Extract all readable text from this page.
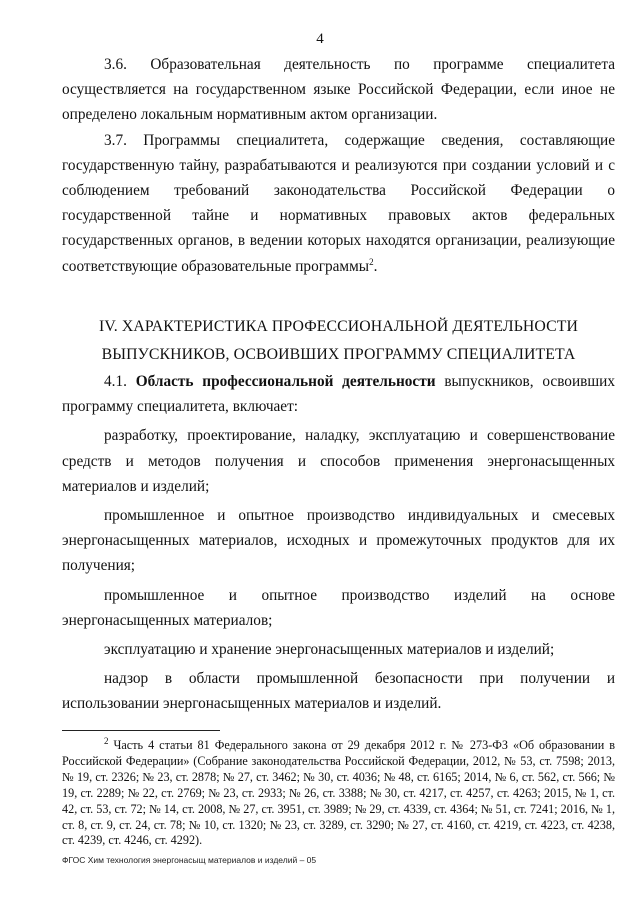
4

3.6. Образовательная деятельность по программе специалитета осуществляется на государственном языке Российской Федерации, если иное не определено локальным нормативным актом организации.

3.7. Программы специалитета, содержащие сведения, составляющие государственную тайну, разрабатываются и реализуются при создании условий и с соблюдением требований законодательства Российской Федерации о государственной тайне и нормативных правовых актов федеральных государственных органов, в ведении которых находятся организации, реализующие соответствующие образовательные программы$^2$.

IV. ХАРАКТЕРИСТИКА ПРОФЕССИОНАЛЬНОЙ ДЕЯТЕЛЬНОСТИ
ВЫПУСКНИКОВ, ОСВОИВШИХ ПРОГРАММУ СПЕЦИАЛИТЕТА

4.1. Область профессиональной деятельности выпускников, освоивших программу специалитета, включает:

разработку, проектирование, наладку, эксплуатацию и совершенствование средств и методов получения и способов применения энергонасыщенных материалов и изделий;

промышленное и опытное производство индивидуальных и смесевых энергонасыщенных материалов, исходных и промежуточных продуктов для их получения;

промышленное и опытное производство изделий на основе энергонасыщенных материалов;

эксплуатацию и хранение энергонасыщенных материалов и изделий;

надзор в области промышленной безопасности при получении и использовании энергонасыщенных материалов и изделий.

$^2$ Часть 4 статьи 81 Федерального закона от 29 декабря 2012 г. № 273-ФЗ «Об образовании в Российской Федерации» (Собрание законодательства Российской Федерации, 2012, № 53, ст. 7598; 2013, № 19, ст. 2326; № 23, ст. 2878; № 27, ст. 3462; № 30, ст. 4036; № 48, ст. 6165; 2014, № 6, ст. 562, ст. 566; № 19, ст. 2289; № 22, ст. 2769; № 23, ст. 2933; № 26, ст. 3388; № 30, ст. 4217, ст. 4257, ст. 4263; 2015, № 1, ст. 42, ст. 53, ст. 72; № 14, ст. 2008, № 27, ст. 3951, ст. 3989; № 29, ст. 4339, ст. 4364; № 51, ст. 7241; 2016, № 1, ст. 8, ст. 9, ст. 24, ст. 78; № 10, ст. 1320; № 23, ст. 3289, ст. 3290; № 27, ст. 4160, ст. 4219, ст. 4223, ст. 4238, ст. 4239, ст. 4246, ст. 4292).

ФГОС Хим технология энергонасыщ материалов и изделий – 05
